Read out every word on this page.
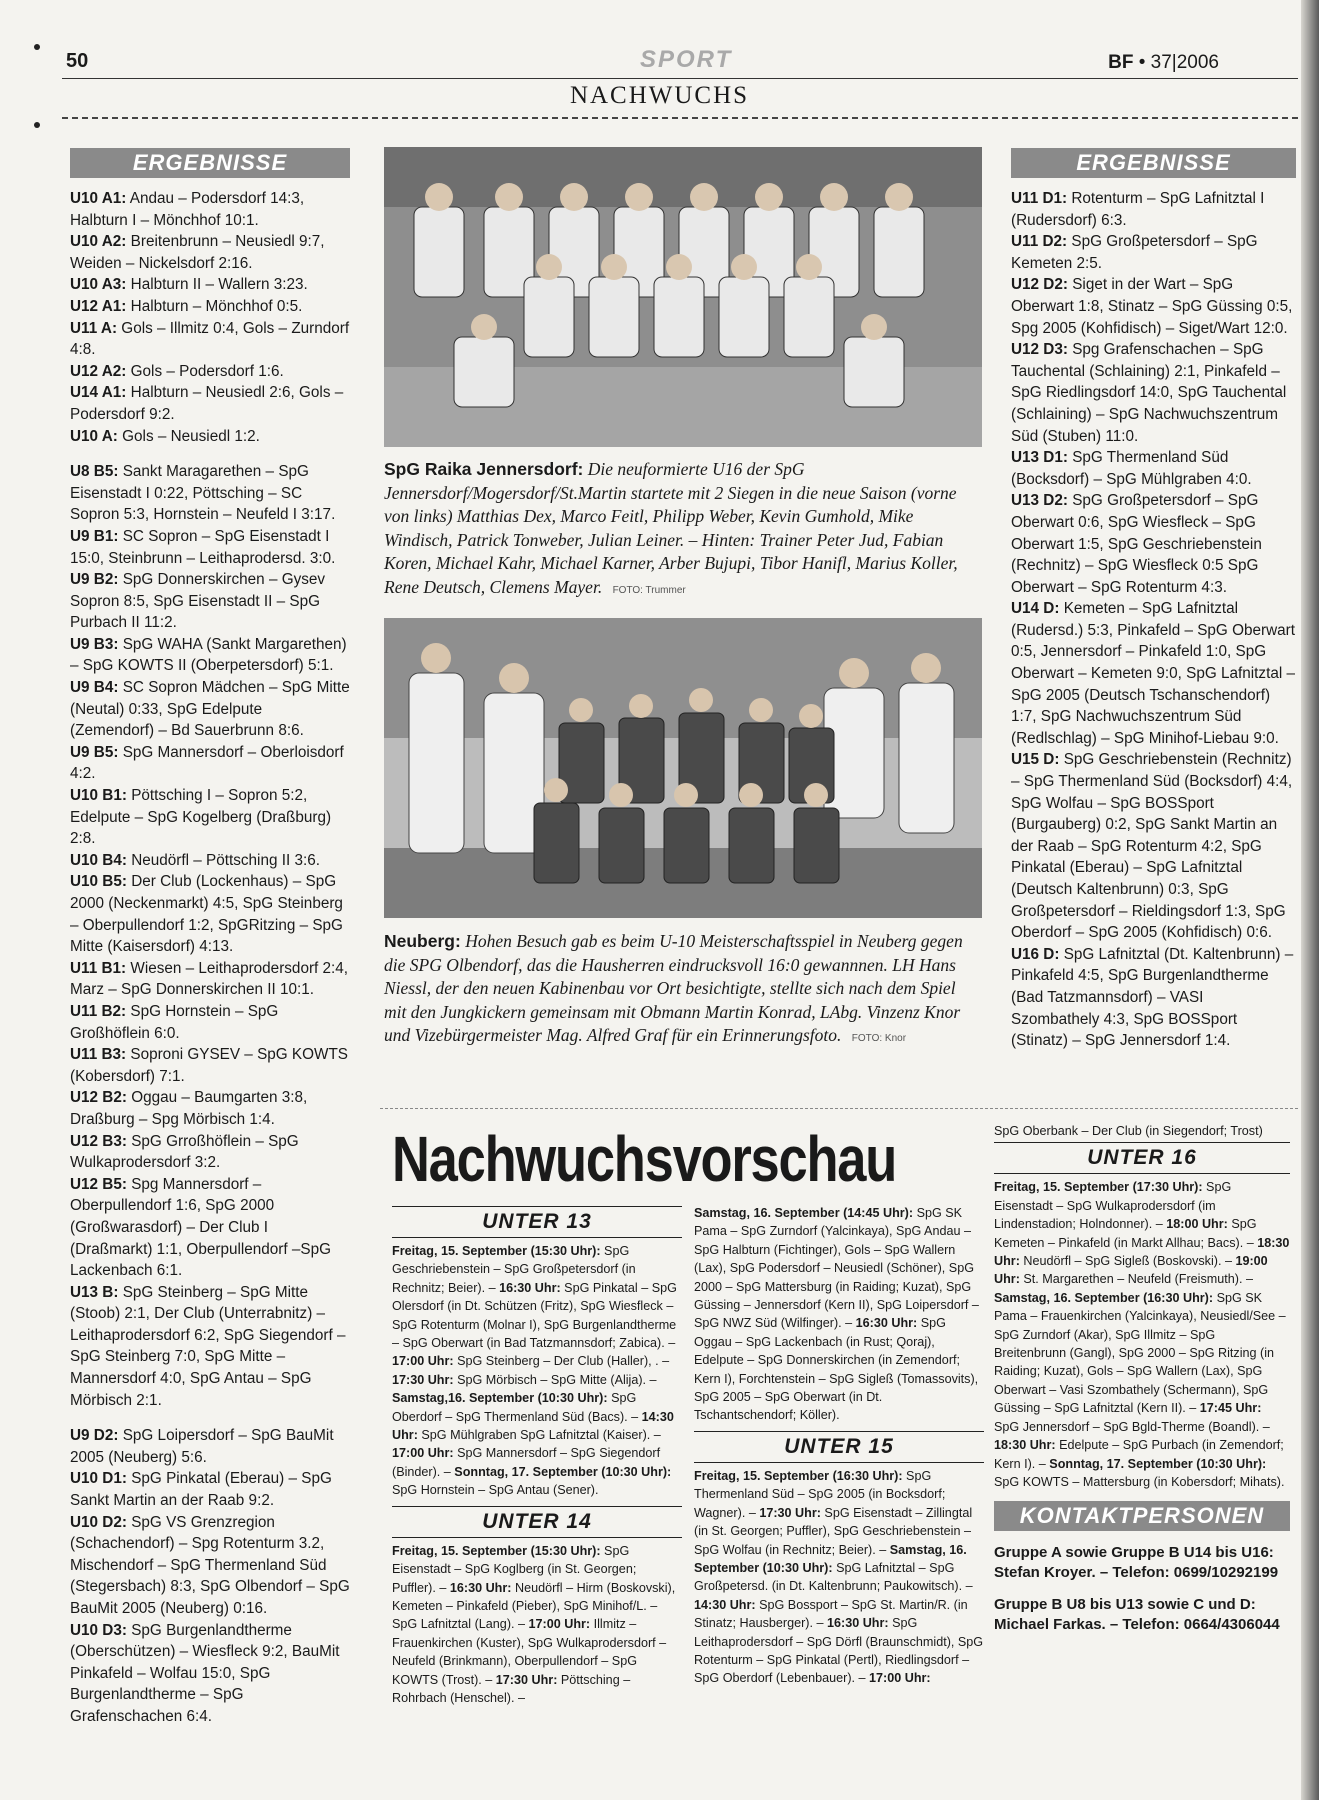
50	SPORT	BF • 37|2006
NACHWUCHS
ERGEBNISSE

U10 A1: Andau – Podersdorf 14:3, Halbturn I – Mönchhof 10:1.

U10 A2: Breitenbrunn – Neusiedl 9:7, Weiden – Nickelsdorf 2:16.

U10 A3: Halbturn II – Wallern 3:23.

U12 A1: Halbturn – Mönchhof 0:5.

U11 A: Gols – Illmitz 0:4, Gols – Zurndorf 4:8.

U12 A2: Gols – Podersdorf 1:6.

U14 A1: Halbturn – Neusiedl 2:6, Gols – Podersdorf 9:2.

U10 A: Gols – Neusiedl 1:2.

U8 B5: Sankt Maragarethen – SpG Eisenstadt I 0:22, Pöttsching – SC Sopron 5:3, Hornstein – Neufeld I 3:17.

U9 B1: SC Sopron – SpG Eisenstadt I 15:0, Steinbrunn – Leithaprodersd. 3:0.

U9 B2: SpG Donnerskirchen – Gysev Sopron 8:5, SpG Eisenstadt II – SpG Purbach II 11:2.

U9 B3: SpG WAHA (Sankt Margarethen) – SpG KOWTS II (Oberpetersdorf) 5:1.

U9 B4: SC Sopron Mädchen – SpG Mitte (Neutal) 0:33, SpG Edelpute (Zemendorf) – Bd Sauerbrunn 8:6.

U9 B5: SpG Mannersdorf – Oberloisdorf 4:2.

U10 B1: Pöttsching I – Sopron 5:2, Edelpute – SpG Kogelberg (Draßburg) 2:8.

U10 B4: Neudörfl – Pöttsching II 3:6.

U10 B5: Der Club (Lockenhaus) – SpG 2000 (Neckenmarkt) 4:5, SpG Steinberg – Oberpullendorf 1:2, SpGRitzing – SpG Mitte (Kaisersdorf) 4:13.

U11 B1: Wiesen – Leithaprodersdorf 2:4, Marz – SpG Donnerskirchen II 10:1.

U11 B2: SpG Hornstein – SpG Großhöflein 6:0.

U11 B3: Soproni GYSEV – SpG KOWTS (Kobersdorf) 7:1.

U12 B2: Oggau – Baumgarten 3:8, Draßburg – Spg Mörbisch 1:4.

U12 B3: SpG Grroßhöflein – SpG Wulkaprodersdorf 3:2.

U12 B5: Spg Mannersdorf – Oberpullendorf 1:6, SpG 2000 (Großwarasdorf) – Der Club I (Draßmarkt) 1:1, Oberpullendorf –SpG Lackenbach 6:1.

U13 B: SpG Steinberg – SpG Mitte (Stoob) 2:1, Der Club (Unterrabnitz) – Leithaprodersdorf 6:2, SpG Siegendorf – SpG Steinberg 7:0, SpG Mitte – Mannersdorf 4:0, SpG Antau – SpG Mörbisch 2:1.

U9 D2: SpG Loipersdorf – SpG BauMit 2005 (Neuberg) 5:6.

U10 D1: SpG Pinkatal (Eberau) – SpG Sankt Martin an der Raab 9:2.

U10 D2: SpG VS Grenzregion (Schachendorf) – Spg Rotenturm 3.2, Mischendorf – SpG Thermenland Süd (Stegersbach) 8:3, SpG Olbendorf – SpG BauMit 2005 (Neuberg) 0:16.

U10 D3: SpG Burgenlandtherme (Oberschützen) – Wiesfleck 9:2, BauMit Pinkafeld – Wolfau 15:0, SpG Burgenlandtherme – SpG Grafenschachen 6:4.

SpG Raika Jennersdorf: Die neuformierte U16 der SpG Jennersdorf/Mogersdorf/St.Martin startete mit 2 Siegen in die neue Saison (vorne von links) Matthias Dex, Marco Feitl, Philipp Weber, Kevin Gumhold, Mike Windisch, Patrick Tonweber, Julian Leiner. – Hinten: Trainer Peter Jud, Fabian Koren, Michael Kahr, Michael Karner, Arber Bujupi, Tibor Hanifl, Marius Koller, Rene Deutsch, Clemens Mayer. FOTO: Trummer
Neuberg: Hohen Besuch gab es beim U-10 Meisterschaftsspiel in Neuberg gegen die SPG Olbendorf, das die Hausherren eindrucksvoll 16:0 gewannnen. LH Hans Niessl, der den neuen Kabinenbau vor Ort besichtigte, stellte sich nach dem Spiel mit den Jungkickern gemeinsam mit Obmann Martin Konrad, LAbg. Vinzenz Knor und Vizebürgermeister Mag. Alfred Graf für ein Erinnerungsfoto. FOTO: Knor
ERGEBNISSE

U11 D1: Rotenturm – SpG Lafnitztal I (Rudersdorf) 6:3.

U11 D2: SpG Großpetersdorf – SpG Kemeten 2:5.

U12 D2: Siget in der Wart – SpG Oberwart 1:8, Stinatz – SpG Güssing 0:5, Spg 2005 (Kohfidisch) – Siget/Wart 12:0.

U12 D3: Spg Grafenschachen – SpG Tauchental (Schlaining) 2:1, Pinkafeld – SpG Riedlingsdorf 14:0, SpG Tauchental (Schlaining) – SpG Nachwuchszentrum Süd (Stuben) 11:0.

U13 D1: SpG Thermenland Süd (Bocksdorf) – SpG Mühlgraben 4:0.

U13 D2: SpG Großpetersdorf – SpG Oberwart 0:6, SpG Wiesfleck – SpG Oberwart 1:5, SpG Geschriebenstein (Rechnitz) – SpG Wiesfleck 0:5 SpG Oberwart – SpG Rotenturm 4:3.

U14 D: Kemeten – SpG Lafnitztal (Rudersd.) 5:3, Pinkafeld – SpG Oberwart 0:5, Jennersdorf – Pinkafeld 1:0, SpG Oberwart – Kemeten 9:0, SpG Lafnitztal – SpG 2005 (Deutsch Tschanschendorf) 1:7, SpG Nachwuchszentrum Süd (Redlschlag) – SpG Minihof-Liebau 9:0.

U15 D: SpG Geschriebenstein (Rechnitz) – SpG Thermenland Süd (Bocksdorf) 4:4, SpG Wolfau – SpG BOSSport (Burgauberg) 0:2, SpG Sankt Martin an der Raab – SpG Rotenturm 4:2, SpG Pinkatal (Eberau) – SpG Lafnitztal (Deutsch Kaltenbrunn) 0:3, SpG Großpetersdorf – Rieldingsdorf 1:3, SpG Oberdorf – SpG 2005 (Kohfidisch) 0:6.

U16 D: SpG Lafnitztal (Dt. Kaltenbrunn) – Pinkafeld 4:5, SpG Burgenlandtherme (Bad Tatzmannsdorf) – VASI Szombathely 4:3, SpG BOSSport (Stinatz) – SpG Jennersdorf 1:4.

Nachwuchsvorschau
UNTER 13

Freitag, 15. September (15:30 Uhr): SpG Geschriebenstein – SpG Großpetersdorf (in Rechnitz; Beier). – 16:30 Uhr: SpG Pinkatal – SpG Olersdorf (in Dt. Schützen (Fritz), SpG Wiesfleck – SpG Rotenturm (Molnar I), SpG Burgenlandtherme – SpG Oberwart (in Bad Tatzmannsdorf; Zabica). – 17:00 Uhr: SpG Steinberg – Der Club (Haller), . – 17:30 Uhr: SpG Mörbisch – SpG Mitte (Alija). – Samstag,16. September (10:30 Uhr): SpG Oberdorf – SpG Thermenland Süd (Bacs). – 14:30 Uhr: SpG Mühlgraben SpG Lafnitztal (Kaiser). – 17:00 Uhr: SpG Mannersdorf – SpG Siegendorf (Binder). – Sonntag, 17. September (10:30 Uhr): SpG Hornstein – SpG Antau (Sener).

UNTER 14

Freitag, 15. September (15:30 Uhr): SpG Eisenstadt – SpG Koglberg (in St. Georgen; Puffler). – 16:30 Uhr: Neudörfl – Hirm (Boskovski), Kemeten – Pinkafeld (Pieber), SpG Minihof/L. – SpG Lafnitztal (Lang). – 17:00 Uhr: Illmitz – Frauenkirchen (Kuster), SpG Wulkaprodersdorf – Neufeld (Brinkmann), Oberpullendorf – SpG KOWTS (Trost). – 17:30 Uhr: Pöttsching – Rohrbach (Henschel). –

Samstag, 16. September (14:45 Uhr): SpG SK Pama – SpG Zurndorf (Yalcinkaya), SpG Andau – SpG Halbturn (Fichtinger), Gols – SpG Wallern (Lax), SpG Podersdorf – Neusiedl (Schöner), SpG 2000 – SpG Mattersburg (in Raiding; Kuzat), SpG Güssing – Jennersdorf (Kern II), SpG Loipersdorf – SpG NWZ Süd (Wilfinger). – 16:30 Uhr: SpG Oggau – SpG Lackenbach (in Rust; Qoraj), Edelpute – SpG Donnerskirchen (in Zemendorf; Kern I), Forchtenstein – SpG Sigleß (Tomassovits), SpG 2005 – SpG Oberwart (in Dt. Tschantschendorf; Köller).

UNTER 15

Freitag, 15. September (16:30 Uhr): SpG Thermenland Süd – SpG 2005 (in Bocksdorf; Wagner). – 17:30 Uhr: SpG Eisenstadt – Zillingtal (in St. Georgen; Puffler), SpG Geschriebenstein – SpG Wolfau (in Rechnitz; Beier). – Samstag, 16. September (10:30 Uhr): SpG Lafnitztal – SpG Großpetersd. (in Dt. Kaltenbrunn; Paukowitsch). – 14:30 Uhr: SpG Bossport – SpG St. Martin/R. (in Stinatz; Hausberger). – 16:30 Uhr: SpG Leithaprodersdorf – SpG Dörfl (Braunschmidt), SpG Rotenturm – SpG Pinkatal (Pertl), Riedlingsdorf – SpG Oberdorf (Lebenbauer). – 17:00 Uhr:

SpG Oberbank – Der Club (in Siegendorf; Trost)
UNTER 16

Freitag, 15. September (17:30 Uhr): SpG Eisenstadt – SpG Wulkaprodersdorf (im Lindenstadion; Holndonner). – 18:00 Uhr: SpG Kemeten – Pinkafeld (in Markt Allhau; Bacs). – 18:30 Uhr: Neudörfl – SpG Sigleß (Boskovski). – 19:00 Uhr: St. Margarethen – Neufeld (Freismuth). – Samstag, 16. September (16:30 Uhr): SpG SK Pama – Frauenkirchen (Yalcinkaya), Neusiedl/See – SpG Zurndorf (Akar), SpG Illmitz – SpG Breitenbrunn (Gangl), SpG 2000 – SpG Ritzing (in Raiding; Kuzat), Gols – SpG Wallern (Lax), SpG Oberwart – Vasi Szombathely (Schermann), SpG Güssing – SpG Lafnitztal (Kern II). – 17:45 Uhr: SpG Jennersdorf – SpG Bgld-Therme (Boandl). – 18:30 Uhr: Edelpute – SpG Purbach (in Zemendorf; Kern I). – Sonntag, 17. September (10:30 Uhr): SpG KOWTS – Mattersburg (in Kobersdorf; Mihats).

KONTAKTPERSONEN
Gruppe A sowie Gruppe B U14 bis U16: Stefan Kroyer. – Telefon: 0699/10292199
Gruppe B U8 bis U13 sowie C und D: Michael Farkas. – Telefon: 0664/4306044
